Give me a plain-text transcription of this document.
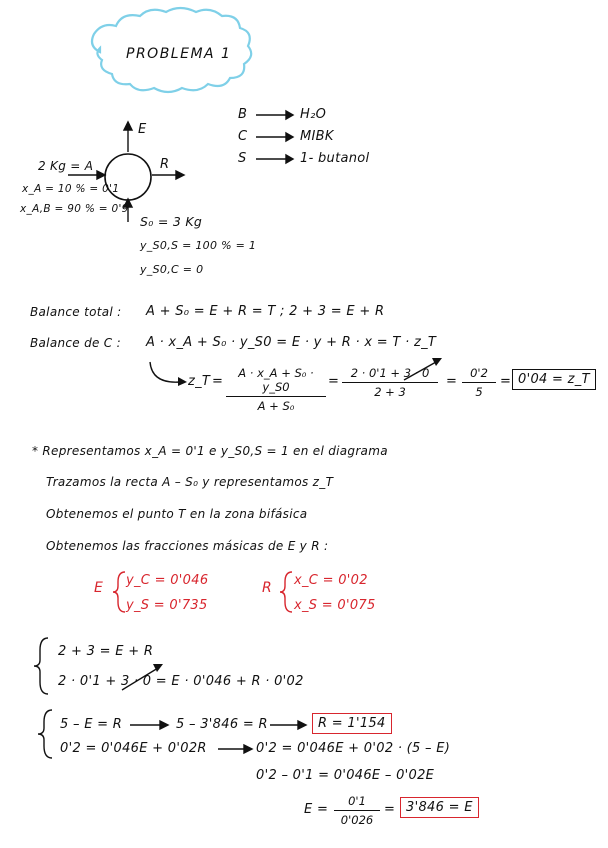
PROBLEMA 1
B	H₂O
C	MIBK
S	1- butanol
E
R
2 Kg = A
x_A = 10 % = 0'1
x_A,B = 90 % = 0'9
S₀ = 3 Kg
y_S0,S = 100 % = 1
y_S0,C = 0
Balance total : A + S₀ = E + R = T ; 2 + 3 = E + R
Balance de C : A · x_A + S₀ · y_S0 = E · y + R · x = T · z_T
z_T =
A · x_A + S₀ · y_S0
A + S₀
=
2 · 0'1 + 3 · 0
2 + 3
=
0'2
5
= 0'04 = z_T
* Representamos x_A = 0'1 e y_S0,S = 1 en el diagrama
Trazamos la recta A – S₀ y representamos z_T
Obtenemos el punto T en la zona bifásica
Obtenemos las fracciones másicas de E y R :
E y_C = 0'046
y_S = 0'735
R x_C = 0'02
x_S = 0'075
2 + 3 = E + R
2 · 0'1 + 3 · 0 = E · 0'046 + R · 0'02
5 – E = R	5 – 3'846 = R	R = 1'154
0'2 = 0'046E + 0'02R	0'2 = 0'046E + 0'02 · (5 – E)
0'2 – 0'1 = 0'046E – 0'02E
E =
0'1
0'026
= 3'846 = E
